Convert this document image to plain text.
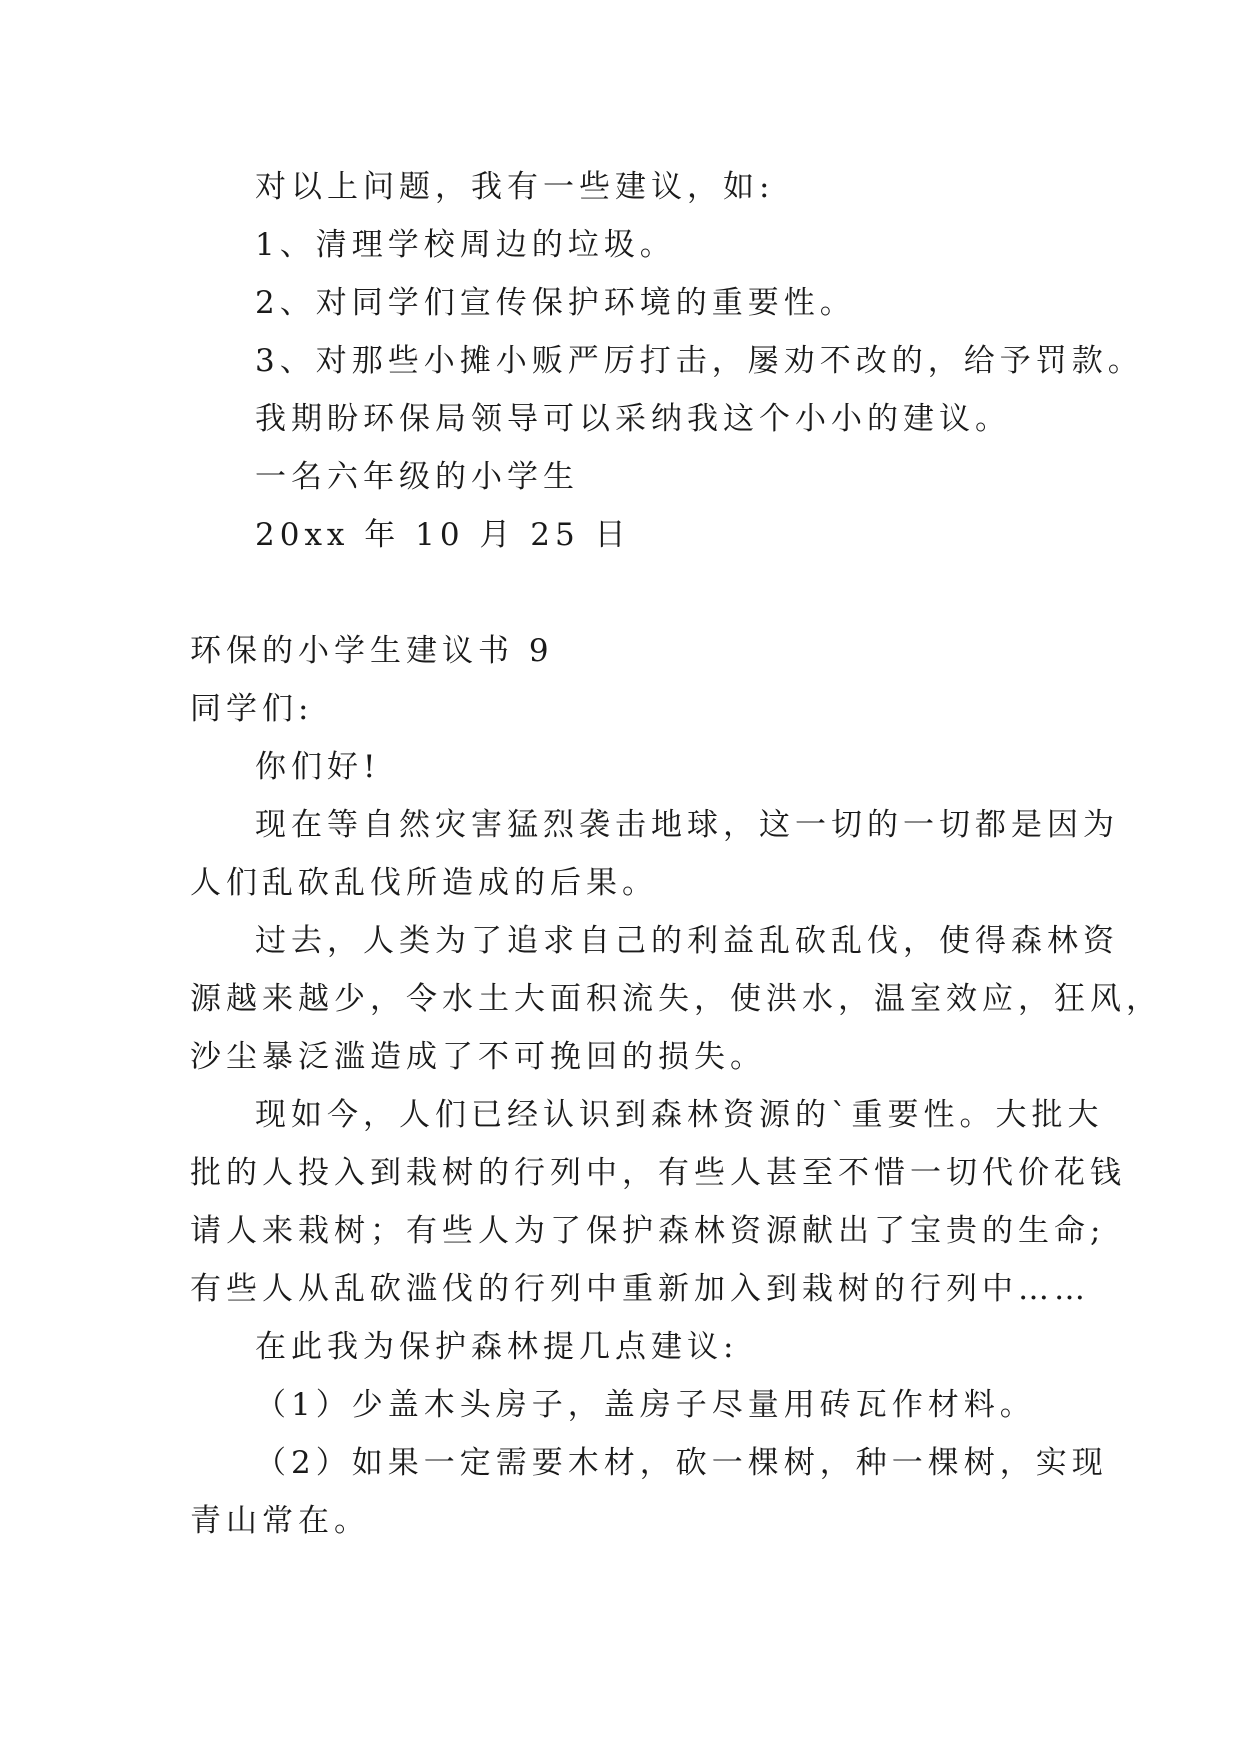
对以上问题，我有一些建议，如:
1、清理学校周边的垃圾。
2、对同学们宣传保护环境的重要性。
3、对那些小摊小贩严厉打击，屡劝不改的，给予罚款。
我期盼环保局领导可以采纳我这个小小的建议。
一名六年级的小学生
20xx 年 10 月 25 日
环保的小学生建议书 9
同学们:
你们好!
现在等自然灾害猛烈袭击地球，这一切的一切都是因为
人们乱砍乱伐所造成的后果。
过去，人类为了追求自己的利益乱砍乱伐，使得森林资
源越来越少，令水土大面积流失，使洪水，温室效应，狂风，
沙尘暴泛滥造成了不可挽回的损失。
现如今，人们已经认识到森林资源的`重要性。大批大
批的人投入到栽树的行列中，有些人甚至不惜一切代价花钱
请人来栽树；有些人为了保护森林资源献出了宝贵的生命;
有些人从乱砍滥伐的行列中重新加入到栽树的行列中……
在此我为保护森林提几点建议:
（1）少盖木头房子，盖房子尽量用砖瓦作材料。
（2）如果一定需要木材，砍一棵树，种一棵树，实现
青山常在。
